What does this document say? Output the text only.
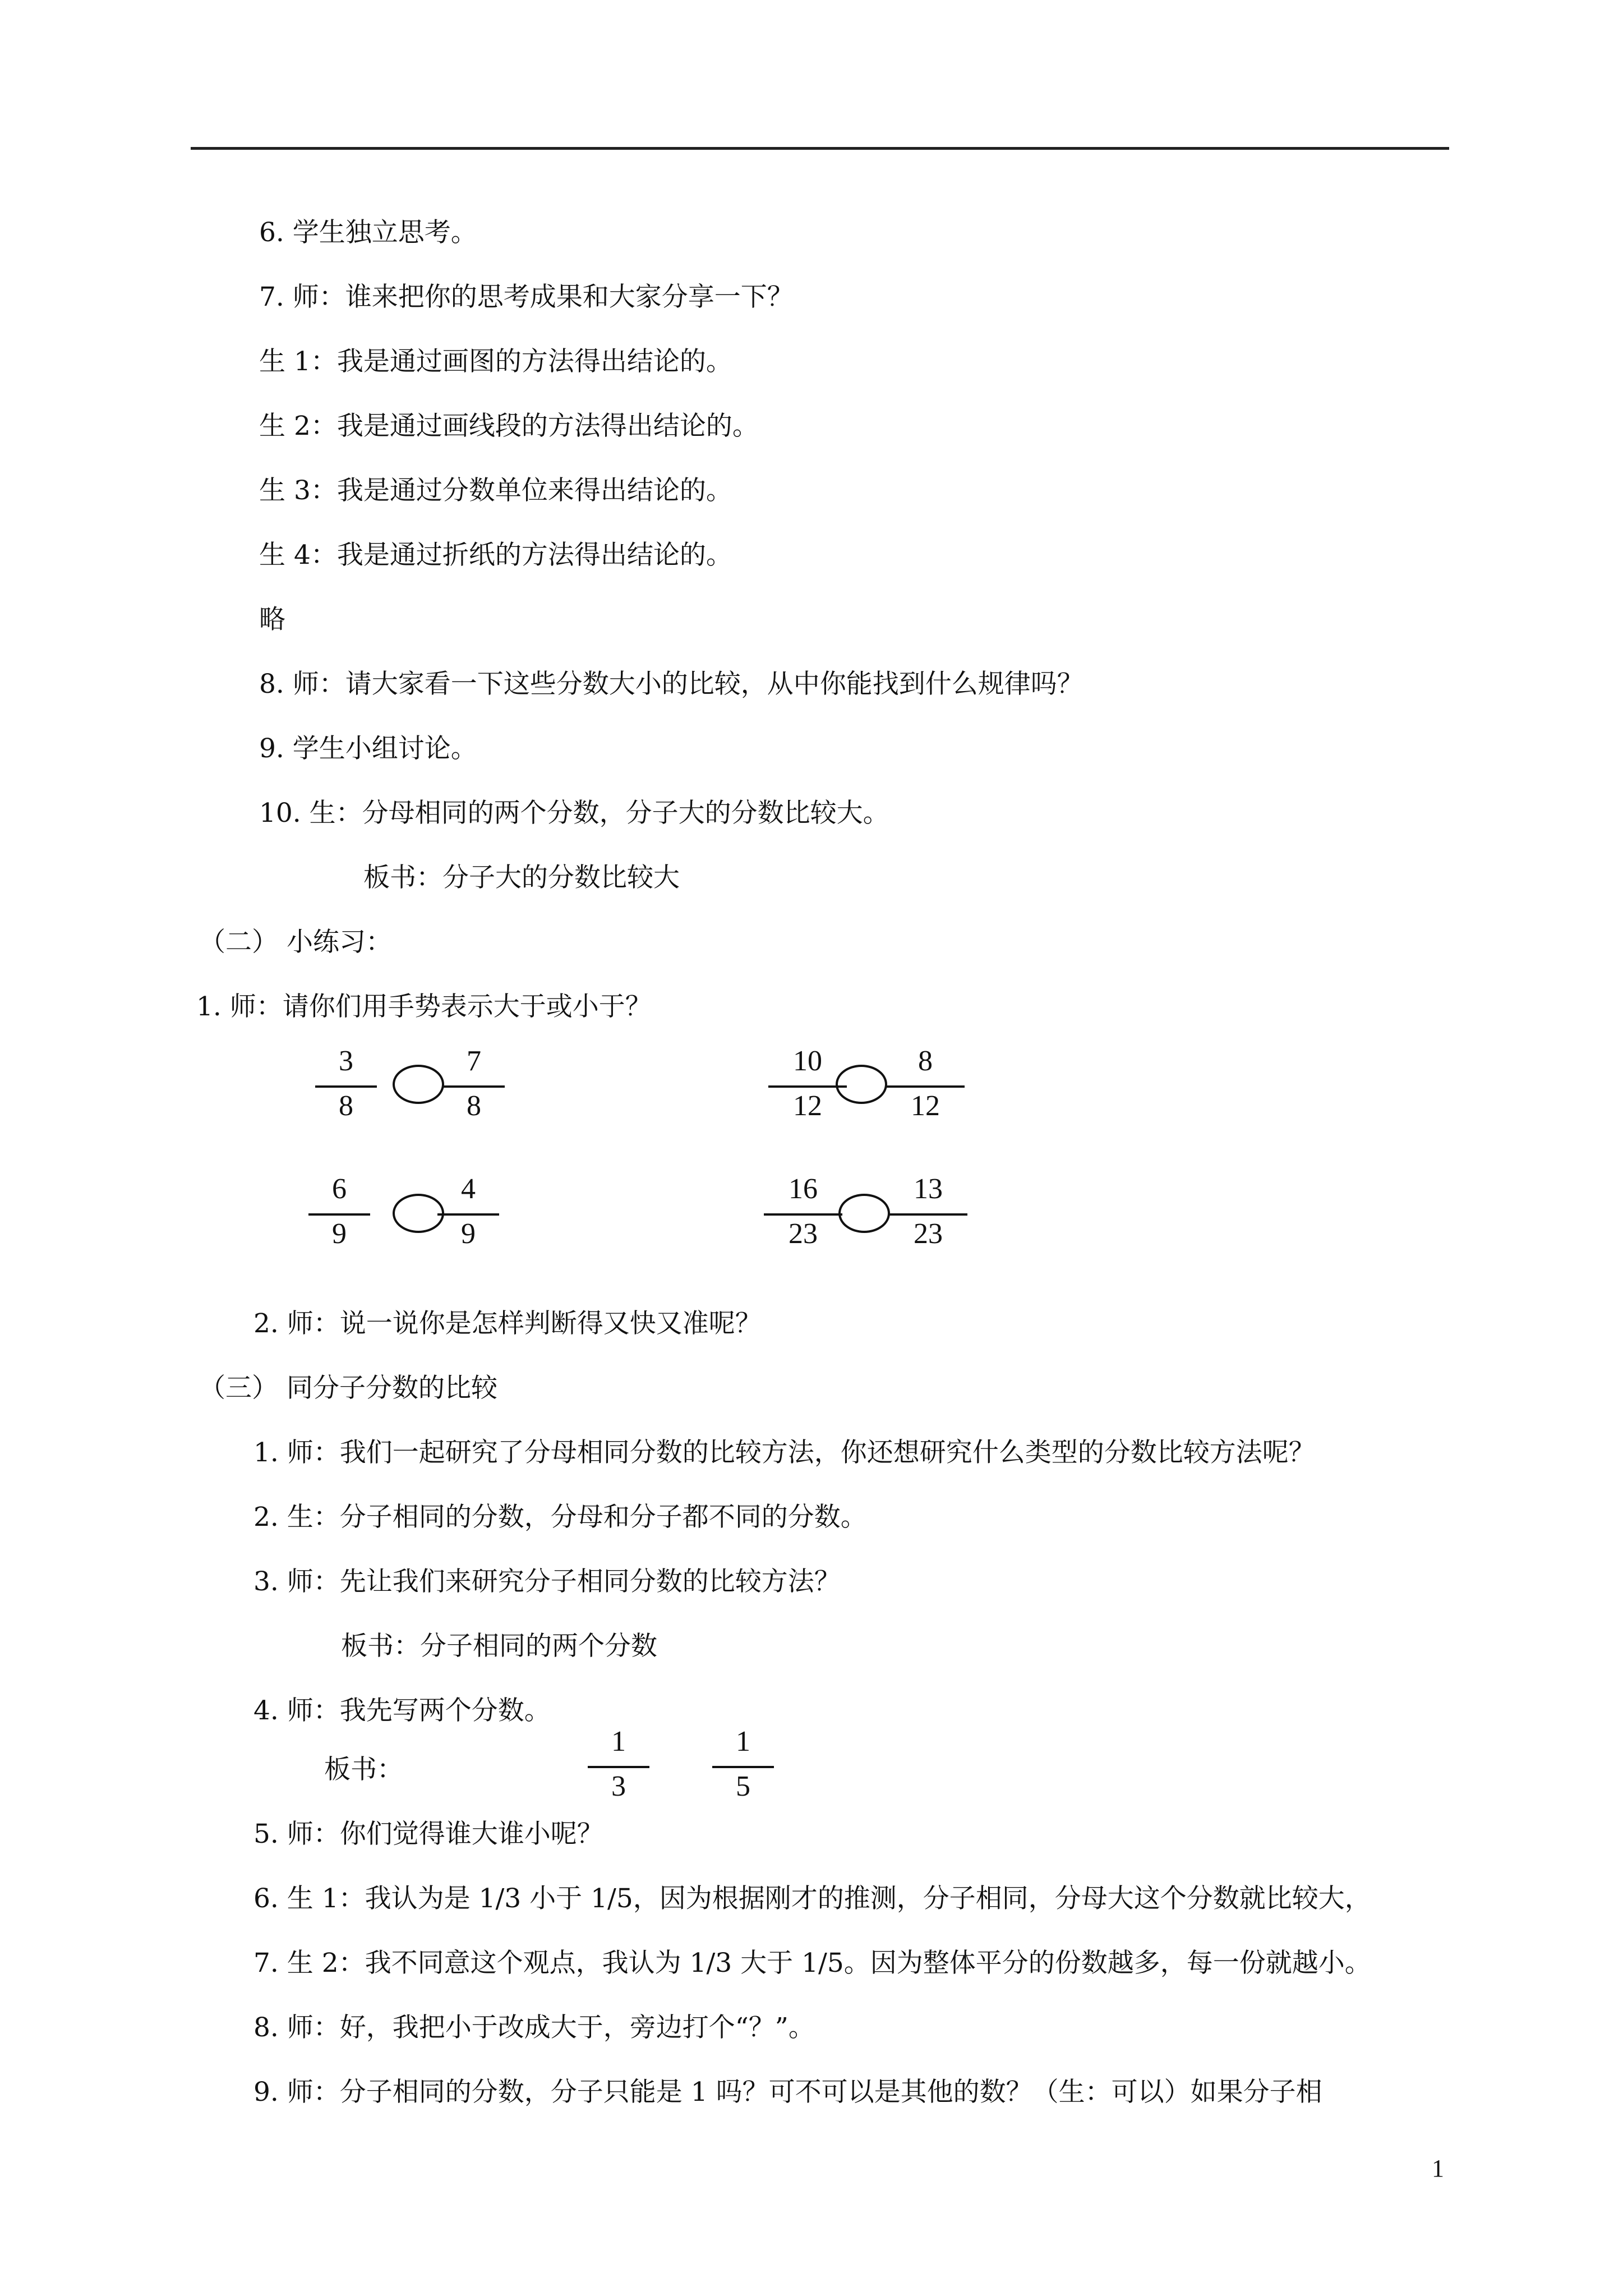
6. 学生独立思考。
7. 师：谁来把你的思考成果和大家分享一下？
生 1：我是通过画图的方法得出结论的。
生 2：我是通过画线段的方法得出结论的。
生 3：我是通过分数单位来得出结论的。
生 4：我是通过折纸的方法得出结论的。
略
8. 师：请大家看一下这些分数大小的比较，从中你能找到什么规律吗？
9. 学生小组讨论。
10. 生：分母相同的两个分数，分子大的分数比较大。
板书：分子大的分数比较大
（二） 小练习：
1. 师：请你们用手势表示大于或小于？
3
8
7
8
10
12
8
12
6
9
4
9
16
23
13
23
2. 师：说一说你是怎样判断得又快又准呢？
（三） 同分子分数的比较
1. 师：我们一起研究了分母相同分数的比较方法，你还想研究什么类型的分数比较方法呢？
2. 生：分子相同的分数，分母和分子都不同的分数。
3. 师：先让我们来研究分子相同分数的比较方法？
板书：分子相同的两个分数
4. 师：我先写两个分数。
板书：
1
3
1
5
5. 师：你们觉得谁大谁小呢？
6. 生 1：我认为是 1/3 小于 1/5，因为根据刚才的推测，分子相同，分母大这个分数就比较大，
7. 生 2：我不同意这个观点，我认为 1/3 大于 1/5。因为整体平分的份数越多，每一份就越小。
8. 师：好，我把小于改成大于，旁边打个“？”。
9. 师：分子相同的分数，分子只能是 1 吗？可不可以是其他的数？（生：可以）如果分子相
1
